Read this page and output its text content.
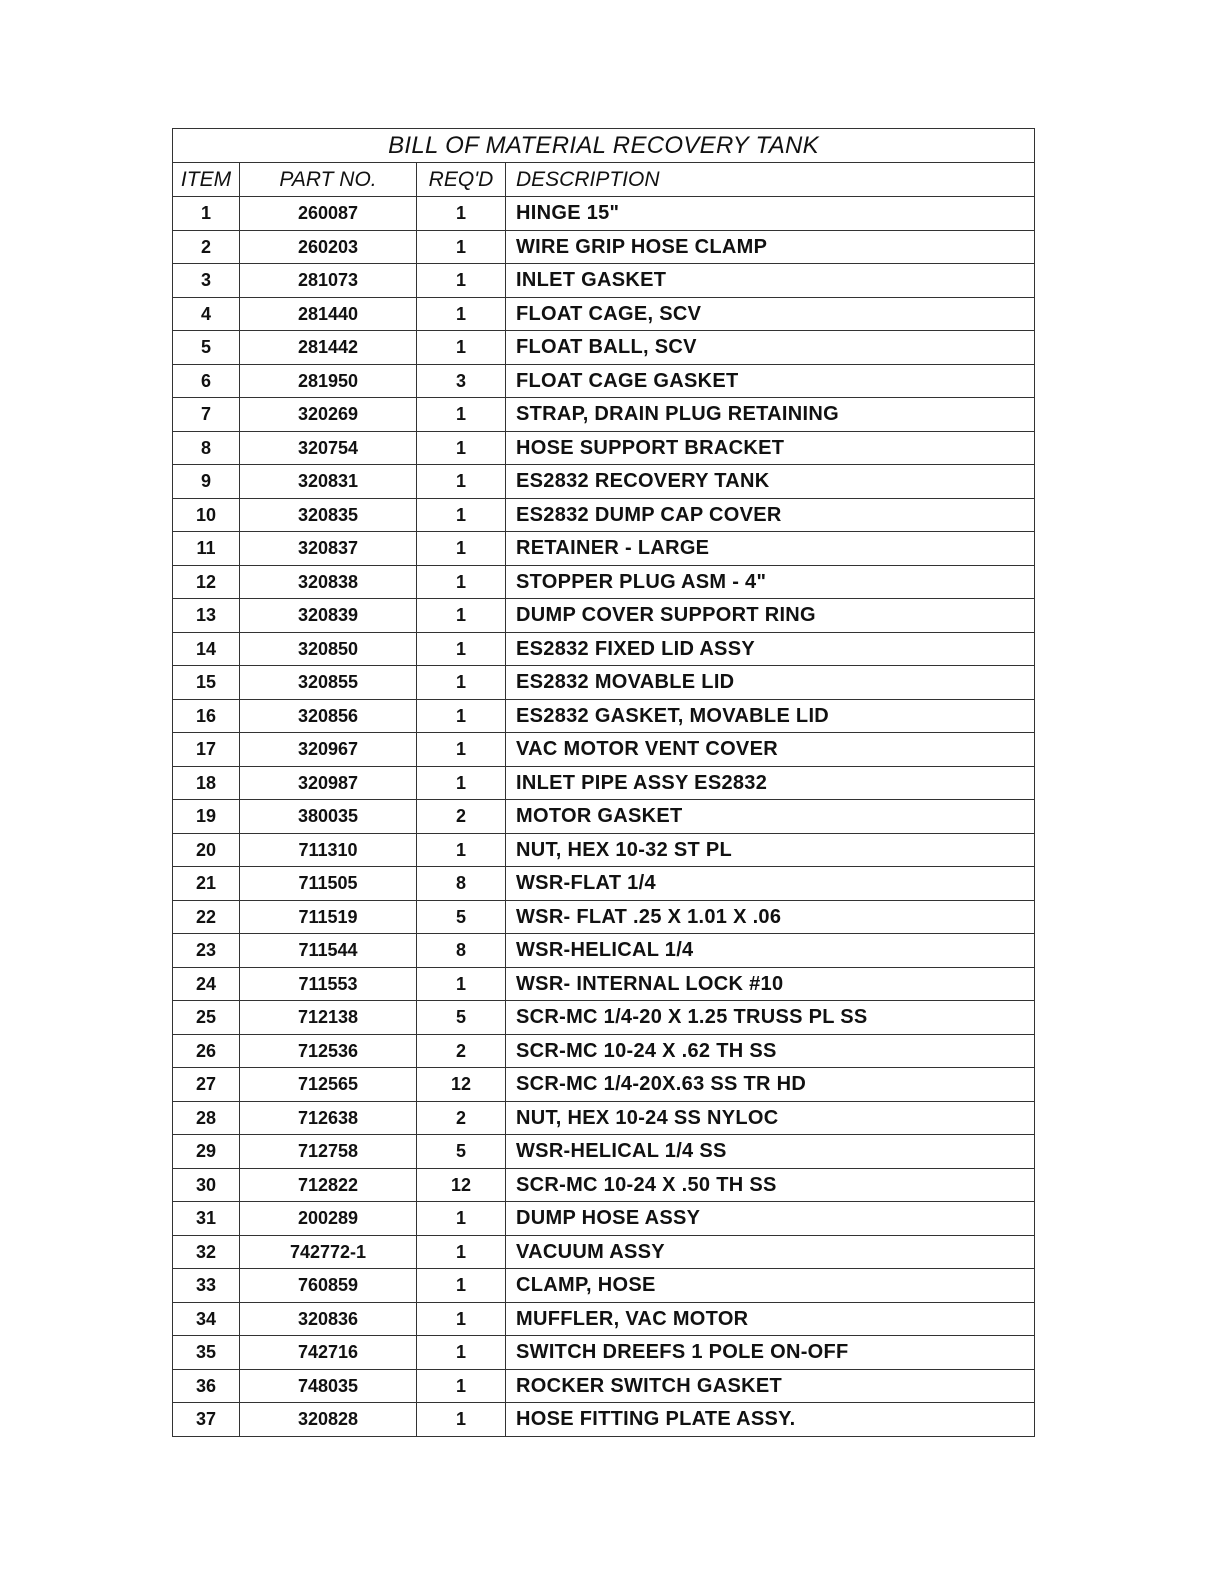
BILL OF MATERIAL RECOVERY TANK			
ITEM	PART NO.	REQ'D	DESCRIPTION
1	260087	1	HINGE 15"
2	260203	1	WIRE GRIP HOSE CLAMP
3	281073	1	INLET GASKET
4	281440	1	FLOAT CAGE, SCV
5	281442	1	FLOAT BALL, SCV
6	281950	3	FLOAT CAGE GASKET
7	320269	1	STRAP, DRAIN PLUG RETAINING
8	320754	1	HOSE SUPPORT BRACKET
9	320831	1	ES2832 RECOVERY TANK
10	320835	1	ES2832 DUMP CAP COVER
11	320837	1	RETAINER - LARGE
12	320838	1	STOPPER PLUG ASM - 4"
13	320839	1	DUMP COVER SUPPORT RING
14	320850	1	ES2832 FIXED LID ASSY
15	320855	1	ES2832 MOVABLE LID
16	320856	1	ES2832 GASKET, MOVABLE LID
17	320967	1	VAC MOTOR VENT COVER
18	320987	1	INLET PIPE ASSY ES2832
19	380035	2	MOTOR GASKET
20	711310	1	NUT, HEX 10-32 ST PL
21	711505	8	WSR-FLAT 1/4
22	711519	5	WSR- FLAT .25 X 1.01 X .06
23	711544	8	WSR-HELICAL 1/4
24	711553	1	WSR- INTERNAL LOCK #10
25	712138	5	SCR-MC 1/4-20 X 1.25 TRUSS PL SS
26	712536	2	SCR-MC 10-24 X .62 TH SS
27	712565	12	SCR-MC 1/4-20X.63 SS TR HD
28	712638	2	NUT, HEX 10-24 SS NYLOC
29	712758	5	WSR-HELICAL 1/4 SS
30	712822	12	SCR-MC 10-24 X .50 TH SS
31	200289	1	DUMP HOSE ASSY
32	742772-1	1	VACUUM ASSY
33	760859	1	CLAMP, HOSE
34	320836	1	MUFFLER, VAC MOTOR
35	742716	1	SWITCH DREEFS 1 POLE ON-OFF
36	748035	1	ROCKER SWITCH GASKET
37	320828	1	HOSE FITTING PLATE ASSY.
